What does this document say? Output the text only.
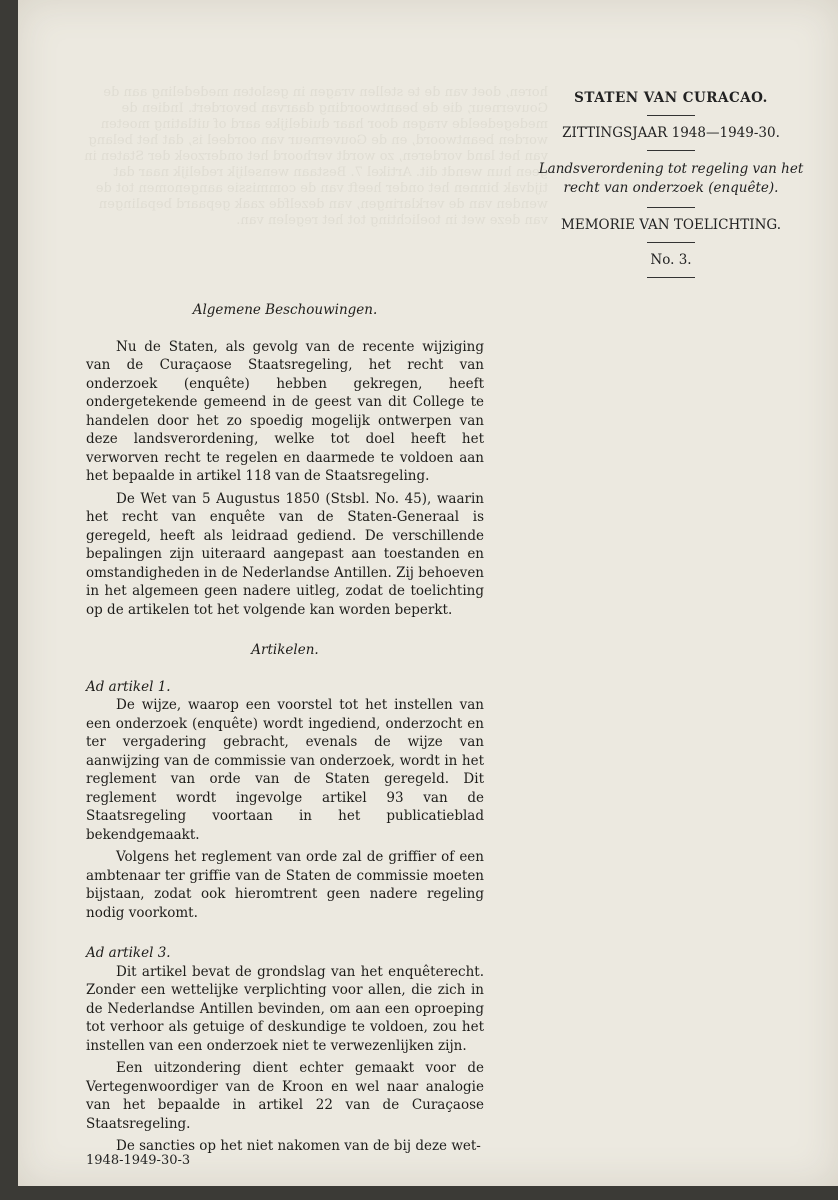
horen, doet van de te stellen vragen in gesloten mededeling aan de Gouverneur, die de beantwoording daarvan bevordert. Indien de medegedeelde vragen door haar duidelijke aard of uitlating moeten worden beantwoord, en de Gouverneur van oordeel is, dat het belang van het land vorderen, zo wordt verhoord het onderzoek der Staten in geen hun wendt dit. Artikel 7. Bestaan wenselijk redelijk naar dat tijdvak binnen het onder heeft van de commissie aangenomen tot de wenden van de verklaringen, van dezelfde zaak gepaard bepalingen van deze wet in toelichting tot het regelen van.

STATEN VAN CURACAO.

ZITTINGSJAAR 1948—1949-30.

Landsverordening tot regeling van het recht van onderzoek (enquête).

MEMORIE VAN TOELICHTING.

No. 3.

Algemene Beschouwingen.

Nu de Staten, als gevolg van de recente wijziging van de Curaçaose Staatsregeling, het recht van onderzoek (enquête) hebben gekregen, heeft ondergetekende gemeend in de geest van dit College te handelen door het zo spoedig mogelijk ontwerpen van deze landsverordening, welke tot doel heeft het verworven recht te regelen en daarmede te voldoen aan het bepaalde in artikel 118 van de Staatsregeling.

De Wet van 5 Augustus 1850 (Stsbl. No. 45), waarin het recht van enquête van de Staten-Generaal is geregeld, heeft als leidraad gediend. De verschillende bepalingen zijn uiteraard aangepast aan toestanden en omstandigheden in de Nederlandse Antillen. Zij behoeven in het algemeen geen nadere uitleg, zodat de toelichting op de artikelen tot het volgende kan worden beperkt.

Artikelen.

Ad artikel 1.

De wijze, waarop een voorstel tot het instellen van een onderzoek (enquête) wordt ingediend, onderzocht en ter vergadering gebracht, evenals de wijze van aanwijzing van de commissie van onderzoek, wordt in het reglement van orde van de Staten geregeld. Dit reglement wordt ingevolge artikel 93 van de Staatsregeling voortaan in het publicatieblad bekendgemaakt.

Volgens het reglement van orde zal de griffier of een ambtenaar ter griffie van de Staten de commissie moeten bijstaan, zodat ook hieromtrent geen nadere regeling nodig voorkomt.

Ad artikel 3.

Dit artikel bevat de grondslag van het enquêterecht. Zonder een wettelijke verplichting voor allen, die zich in de Nederlandse Antillen bevinden, om aan een oproeping tot verhoor als getuige of deskundige te voldoen, zou het instellen van een onderzoek niet te verwezenlijken zijn.

Een uitzondering dient echter gemaakt voor de Vertegenwoordiger van de Kroon en wel naar analogie van het bepaalde in artikel 22 van de Curaçaose Staatsregeling.

De sancties op het niet nakomen van de bij deze wet-

1948-1949-30-3
